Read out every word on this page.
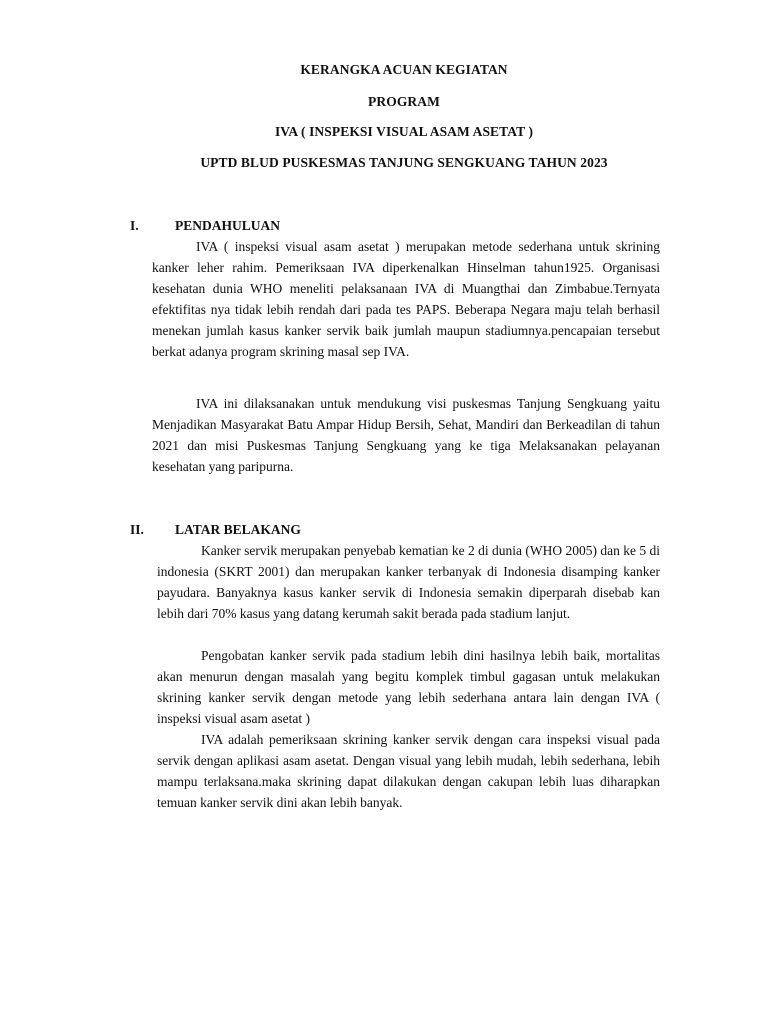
KERANGKA ACUAN KEGIATAN
PROGRAM
IVA ( INSPEKSI VISUAL ASAM ASETAT )
UPTD BLUD PUSKESMAS TANJUNG SENGKUANG TAHUN 2023
I.	PENDAHULUAN

IVA ( inspeksi visual asam asetat ) merupakan metode sederhana untuk skrining kanker leher rahim. Pemeriksaan IVA diperkenalkan Hinselman tahun1925. Organisasi kesehatan dunia WHO meneliti pelaksanaan IVA di Muangthai dan Zimbabue.Ternyata efektifitas nya tidak lebih rendah dari pada tes PAPS. Beberapa Negara maju telah berhasil menekan jumlah kasus kanker servik baik jumlah maupun stadiumnya.pencapaian tersebut berkat adanya program skrining masal sep IVA.

IVA ini dilaksanakan untuk mendukung visi puskesmas Tanjung Sengkuang yaitu Menjadikan Masyarakat Batu Ampar Hidup Bersih, Sehat, Mandiri dan Berkeadilan di tahun 2021 dan misi Puskesmas Tanjung Sengkuang yang ke tiga Melaksanakan pelayanan kesehatan yang paripurna.

II. LATAR BELAKANG

Kanker servik merupakan penyebab kematian ke 2 di dunia (WHO 2005) dan ke 5 di indonesia (SKRT 2001) dan merupakan kanker terbanyak di Indonesia disamping kanker payudara. Banyaknya kasus kanker servik di Indonesia semakin diperparah disebab kan lebih dari 70% kasus yang datang kerumah sakit berada pada stadium lanjut.

Pengobatan kanker servik pada stadium lebih dini hasilnya lebih baik, mortalitas akan menurun dengan masalah yang begitu komplek timbul gagasan untuk melakukan skrining kanker servik dengan metode yang lebih sederhana antara lain dengan IVA ( inspeksi visual asam asetat )

IVA adalah pemeriksaan skrining kanker servik dengan cara inspeksi visual pada servik dengan aplikasi asam asetat. Dengan visual yang lebih mudah, lebih sederhana, lebih mampu terlaksana.maka skrining dapat dilakukan dengan cakupan lebih luas diharapkan temuan kanker servik dini akan lebih banyak.
